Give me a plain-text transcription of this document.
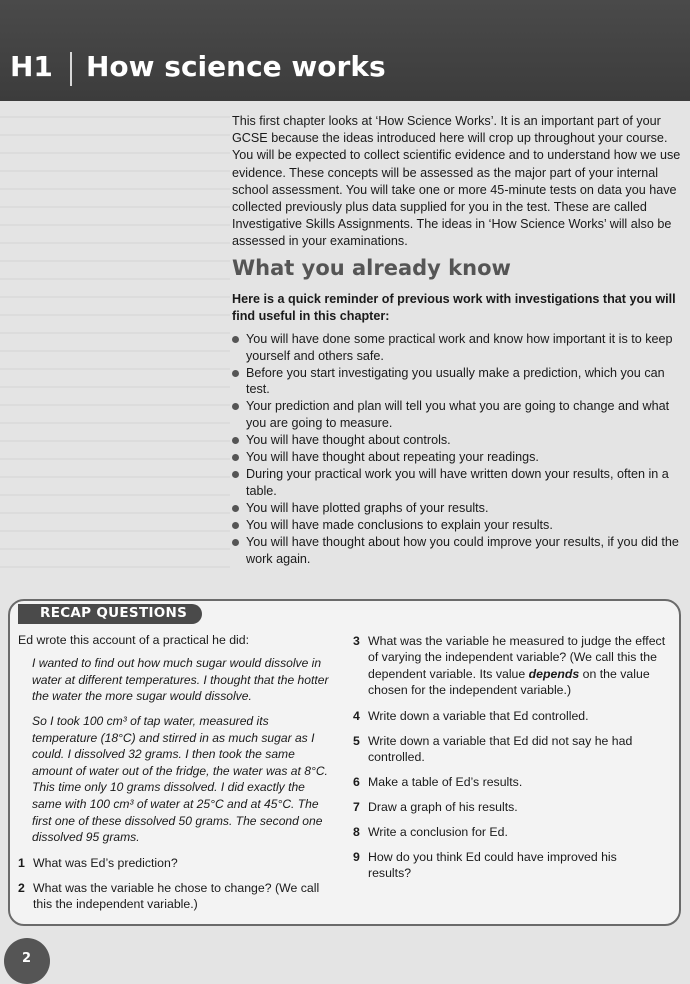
H1 How science works

This first chapter looks at ‘How Science Works’. It is an important part of your GCSE because the ideas introduced here will crop up throughout your course. You will be expected to collect scientific evidence and to understand how we use evidence. These concepts will be assessed as the major part of your internal school assessment. You will take one or more 45-minute tests on data you have collected previously plus data supplied for you in the test. These are called Investigative Skills Assignments. The ideas in ‘How Science Works’ will also be assessed in your examinations.

What you already know

Here is a quick reminder of previous work with investigations that you will find useful in this chapter:

You will have done some practical work and know how important it is to keep yourself and others safe.
Before you start investigating you usually make a prediction, which you can test.
Your prediction and plan will tell you what you are going to change and what you are going to measure.
You will have thought about controls.
You will have thought about repeating your readings.
During your practical work you will have written down your results, often in a table.
You will have plotted graphs of your results.
You will have made conclusions to explain your results.
You will have thought about how you could improve your results, if you did the work again.
RECAP QUESTIONS

Ed wrote this account of a practical he did:

I wanted to find out how much sugar would dissolve in water at different temperatures. I thought that the hotter the water the more sugar would dissolve.

So I took 100 cm³ of tap water, measured its temperature (18°C) and stirred in as much sugar as I could. I dissolved 32 grams. I then took the same amount of water out of the fridge, the water was at 8°C. This time only 10 grams dissolved. I did exactly the same with 100 cm³ of water at 25°C and at 45°C. The first one of these dissolved 50 grams. The second one dissolved 95 grams.

1 What was Ed’s prediction?
2 What was the variable he chose to change? (We call this the independent variable.)
3 What was the variable he measured to judge the effect of varying the independent variable? (We call this the dependent variable. Its value depends on the value chosen for the independent variable.)
4 Write down a variable that Ed controlled.
5 Write down a variable that Ed did not say he had controlled.
6 Make a table of Ed’s results.
7 Draw a graph of his results.
8 Write a conclusion for Ed.
9 How do you think Ed could have improved his results?
2
